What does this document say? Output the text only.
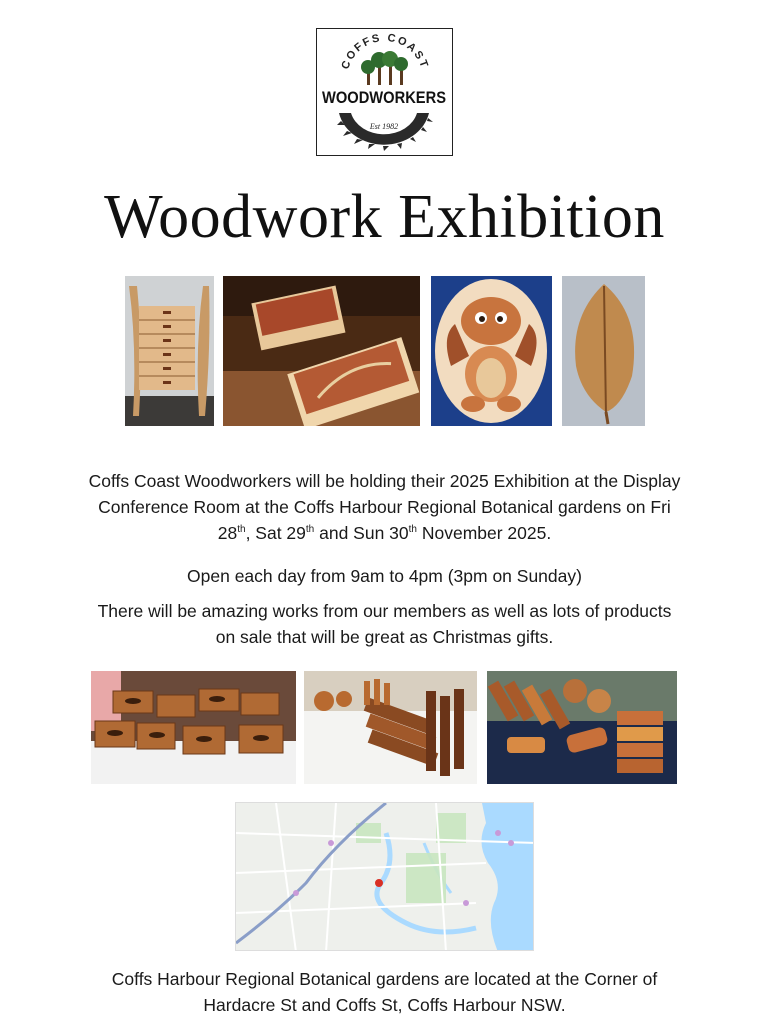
COFFS COAST
WOODWORKERS
Est 1982
Woodwork Exhibition
Coffs Coast Woodworkers will be holding their 2025 Exhibition at the Display
Conference Room at the Coffs Harbour Regional Botanical gardens on Fri
28th, Sat 29th and Sun 30th November 2025.
Open each day from 9am to 4pm (3pm on Sunday)
There will be amazing works from our members as well as lots of products
on sale that will be great as Christmas gifts.
Coffs Harbour Regional Botanical gardens are located at the Corner of
Hardacre St and Coffs St, Coffs Harbour NSW.
